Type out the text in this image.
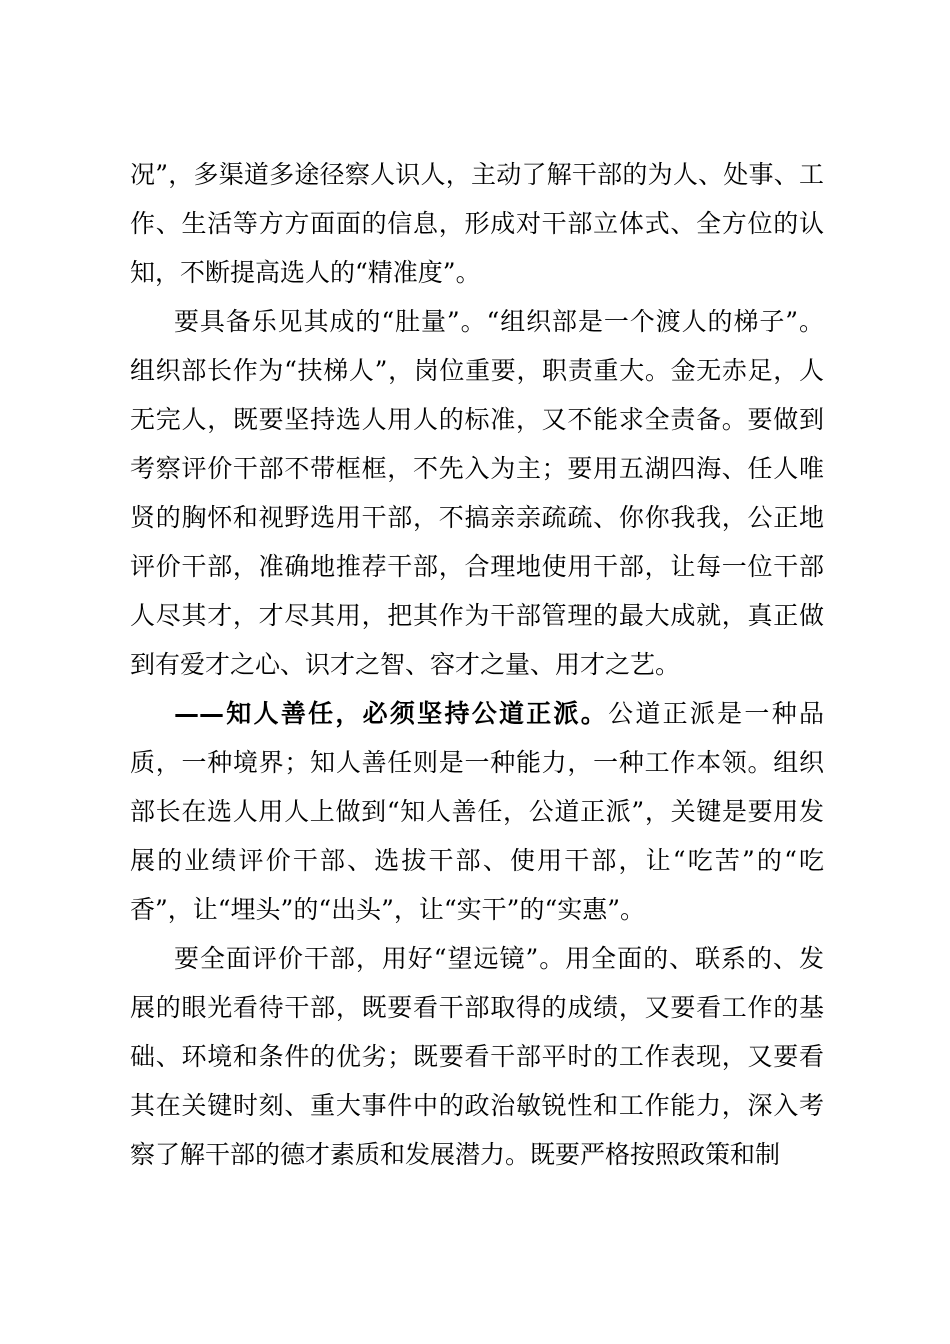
况”，多渠道多途径察人识人，主动了解干部的为人、处事、工作、生活等方方面面的信息，形成对干部立体式、全方位的认知，不断提高选人的“精准度”。

要具备乐见其成的“肚量”。“组织部是一个渡人的梯子”。组织部长作为“扶梯人”，岗位重要，职责重大。金无赤足，人无完人，既要坚持选人用人的标准，又不能求全责备。要做到考察评价干部不带框框，不先入为主；要用五湖四海、任人唯贤的胸怀和视野选用干部，不搞亲亲疏疏、你你我我，公正地评价干部，准确地推荐干部，合理地使用干部，让每一位干部人尽其才，才尽其用，把其作为干部管理的最大成就，真正做到有爱才之心、识才之智、容才之量、用才之艺。

——知人善任，必须坚持公道正派。公道正派是一种品质，一种境界；知人善任则是一种能力，一种工作本领。组织部长在选人用人上做到“知人善任，公道正派”，关键是要用发展的业绩评价干部、选拔干部、使用干部，让“吃苦”的“吃香”，让“埋头”的“出头”，让“实干”的“实惠”。

要全面评价干部，用好“望远镜”。用全面的、联系的、发展的眼光看待干部，既要看干部取得的成绩，又要看工作的基础、环境和条件的优劣；既要看干部平时的工作表现，又要看其在关键时刻、重大事件中的政治敏锐性和工作能力，深入考察了解干部的德才素质和发展潜力。既要严格按照政策和制
